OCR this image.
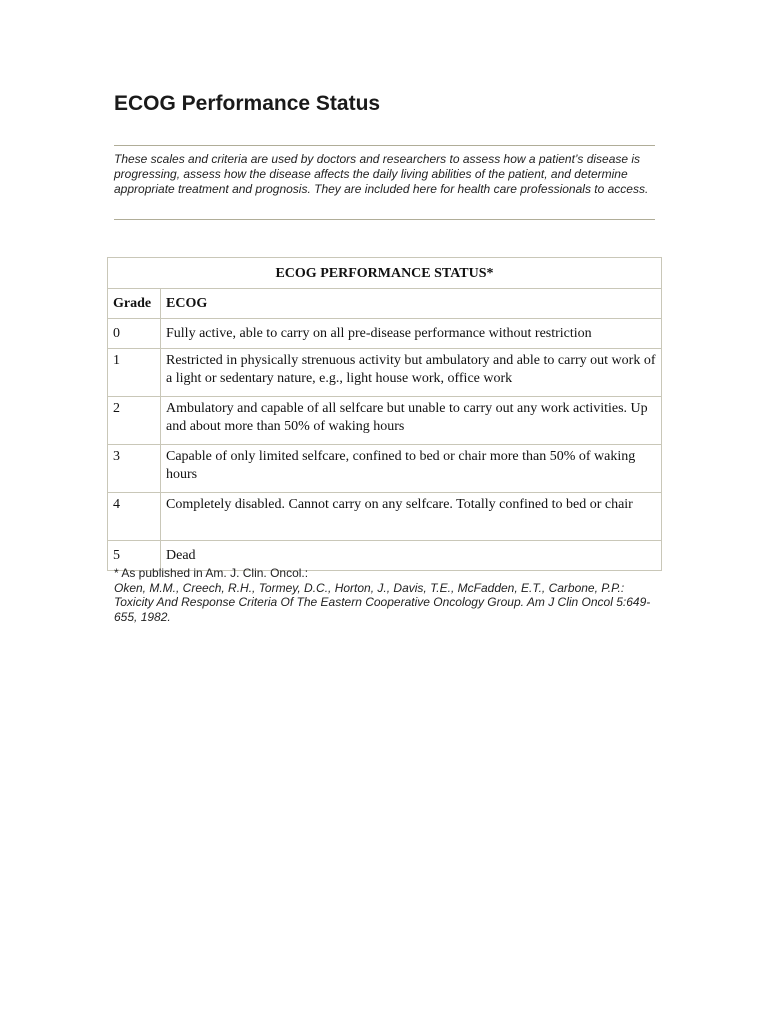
ECOG Performance Status

These scales and criteria are used by doctors and researchers to assess how a patient’s disease is progressing, assess how the disease affects the daily living abilities of the patient, and determine appropriate treatment and prognosis. They are included here for health care professionals to access.

ECOG PERFORMANCE STATUS*	
Grade	ECOG
0	Fully active, able to carry on all pre-disease performance without restriction
1	Restricted in physically strenuous activity but ambulatory and able to carry out work of a light or sedentary nature, e.g., light house work, office work
2	Ambulatory and capable of all selfcare but unable to carry out any work activities. Up and about more than 50% of waking hours
3	Capable of only limited selfcare, confined to bed or chair more than 50% of waking hours
4	Completely disabled. Cannot carry on any selfcare. Totally confined to bed or chair
5	Dead
* As published in Am. J. Clin. Oncol.:
Oken, M.M., Creech, R.H., Tormey, D.C., Horton, J., Davis, T.E., McFadden, E.T., Carbone, P.P.: Toxicity And Response Criteria Of The Eastern Cooperative Oncology Group. Am J Clin Oncol 5:649-655, 1982.
